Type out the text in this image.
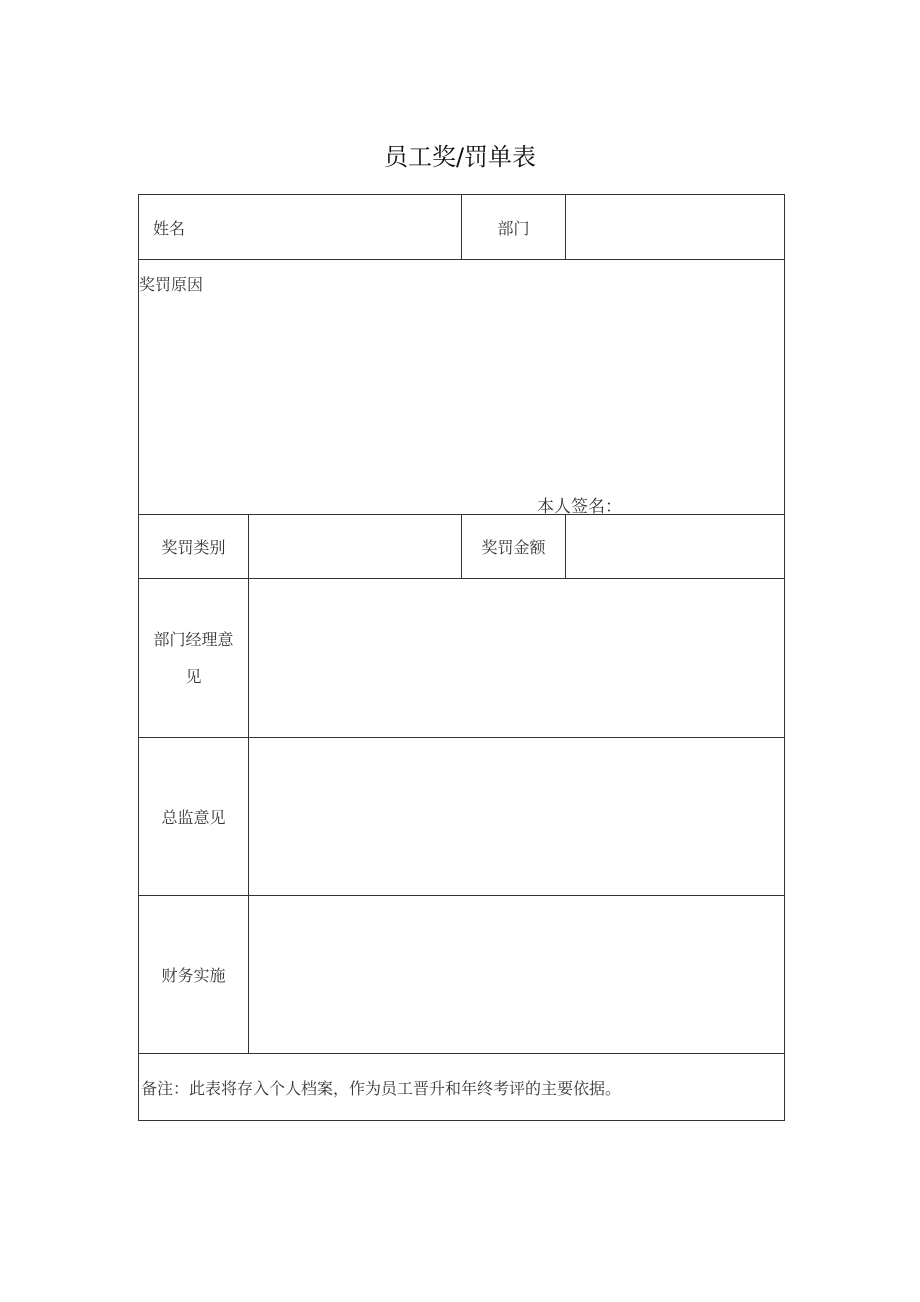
员工奖/罚单表
姓名		部门	

奖罚原因
本人签名：			

奖罚类别		奖罚金额	

部门经理意
见			

总监意见			
财务实施			
备注：此表将存入个人档案，作为员工晋升和年终考评的主要依据。			
